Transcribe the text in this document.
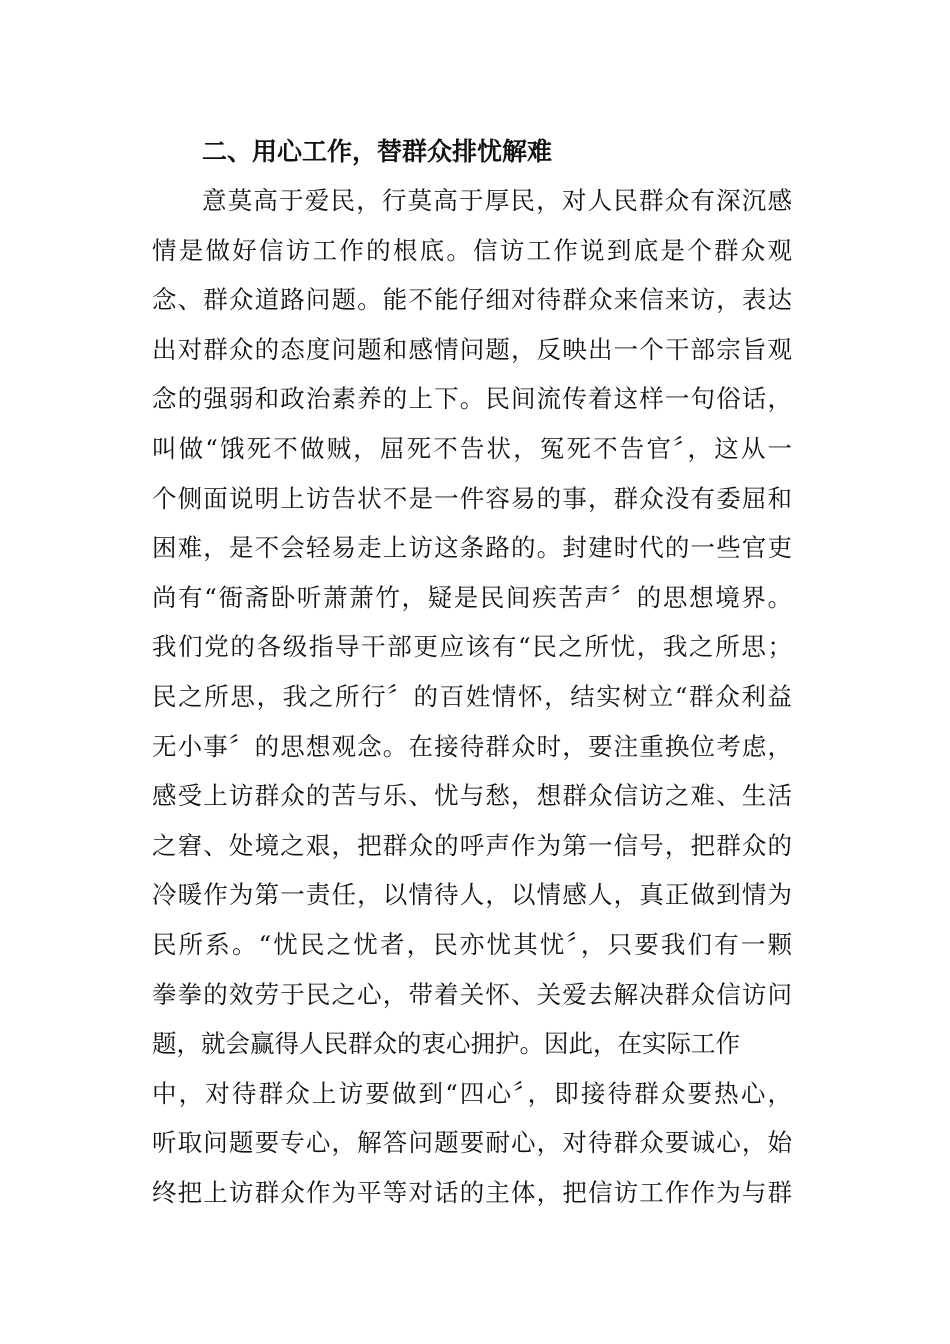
二、用心工作，替群众排忧解难
意莫高于爱民，行莫高于厚民，对人民群众有深沉感
情是做好信访工作的根底。信访工作说到底是个群众观
念、群众道路问题。能不能仔细对待群众来信来访，表达
出对群众的态度问题和感情问题，反映出一个干部宗旨观
念的强弱和政治素养的上下。民间流传着这样一句俗话，
叫做“饿死不做贼，屈死不告状，冤死不告官〞，这从一
个侧面说明上访告状不是一件容易的事，群众没有委屈和
困难，是不会轻易走上访这条路的。封建时代的一些官吏
尚有“衙斋卧听萧萧竹，疑是民间疾苦声〞的思想境界。
我们党的各级指导干部更应该有“民之所忧，我之所思；
民之所思，我之所行〞的百姓情怀，结实树立“群众利益
无小事〞的思想观念。在接待群众时，要注重换位考虑，
感受上访群众的苦与乐、忧与愁，想群众信访之难、生活
之窘、处境之艰，把群众的呼声作为第一信号，把群众的
冷暖作为第一责任，以情待人，以情感人，真正做到情为
民所系。“忧民之忧者，民亦忧其忧〞，只要我们有一颗
拳拳的效劳于民之心，带着关怀、关爱去解决群众信访问
题，就会赢得人民群众的衷心拥护。因此，在实际工作
中，对待群众上访要做到“四心〞，即接待群众要热心，
听取问题要专心，解答问题要耐心，对待群众要诚心，始
终把上访群众作为平等对话的主体，把信访工作作为与群
